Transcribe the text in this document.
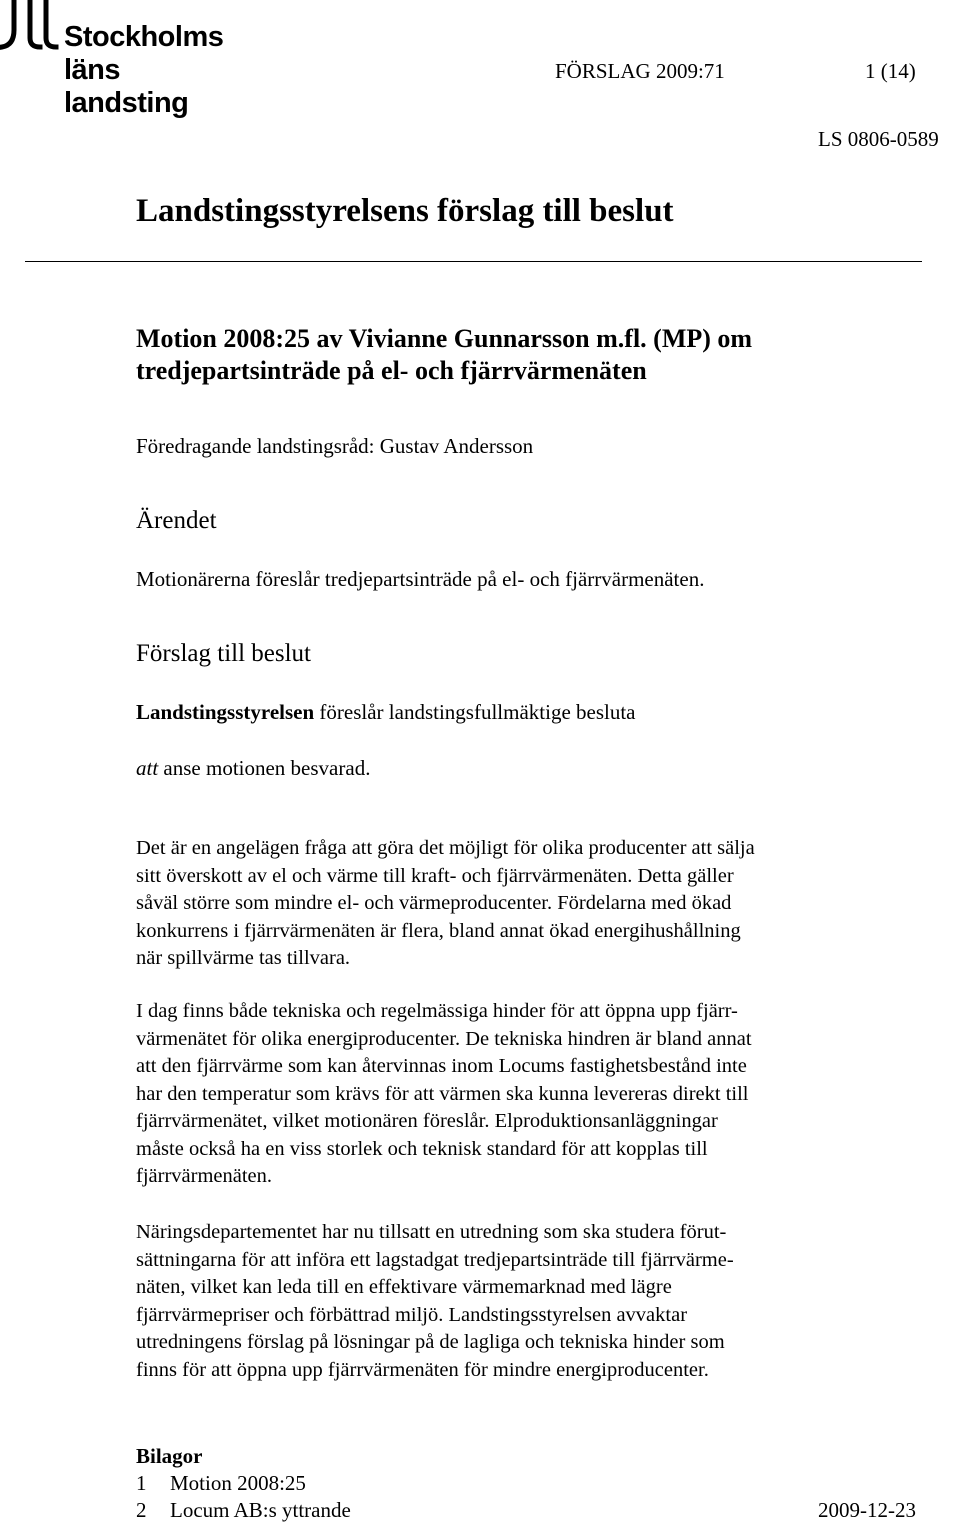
Stockholms läns landsting
FÖRSLAG 2009:71	1 (14)
LS 0806-0589
Landstingsstyrelsens förslag till beslut
Motion 2008:25 av Vivianne Gunnarsson m.fl. (MP) om
tredjepartsinträde på el- och fjärrvärmenäten
Föredragande landstingsråd: Gustav Andersson
Ärendet
Motionärerna föreslår tredjepartsinträde på el- och fjärrvärmenäten.
Förslag till beslut
Landstingsstyrelsen föreslår landstingsfullmäktige besluta
att anse motionen besvarad.
Det är en angelägen fråga att göra det möjligt för olika producenter att sälja
sitt överskott av el och värme till kraft- och fjärrvärmenäten. Detta gäller
såväl större som mindre el- och värmeproducenter. Fördelarna med ökad
konkurrens i fjärrvärmenäten är flera, bland annat ökad energihushållning
när spillvärme tas tillvara.
I dag finns både tekniska och regelmässiga hinder för att öppna upp fjärr-
värmenätet för olika energiproducenter. De tekniska hindren är bland annat
att den fjärrvärme som kan återvinnas inom Locums fastighetsbestånd inte
har den temperatur som krävs för att värmen ska kunna levereras direkt till
fjärrvärmenätet, vilket motionären föreslår. Elproduktionsanläggningar
måste också ha en viss storlek och teknisk standard för att kopplas till
fjärrvärmenäten.
Näringsdepartementet har nu tillsatt en utredning som ska studera förut-
sättningarna för att införa ett lagstadgat tredjepartsinträde till fjärrvärme-
näten, vilket kan leda till en effektivare värmemarknad med lägre
fjärrvärmepriser och förbättrad miljö. Landstingsstyrelsen avvaktar
utredningens förslag på lösningar på de lagliga och tekniska hinder som
finns för att öppna upp fjärrvärmenäten för mindre energiproducenter.
Bilagor
1 Motion 2008:25
2 Locum AB:s yttrande	2009-12-23
